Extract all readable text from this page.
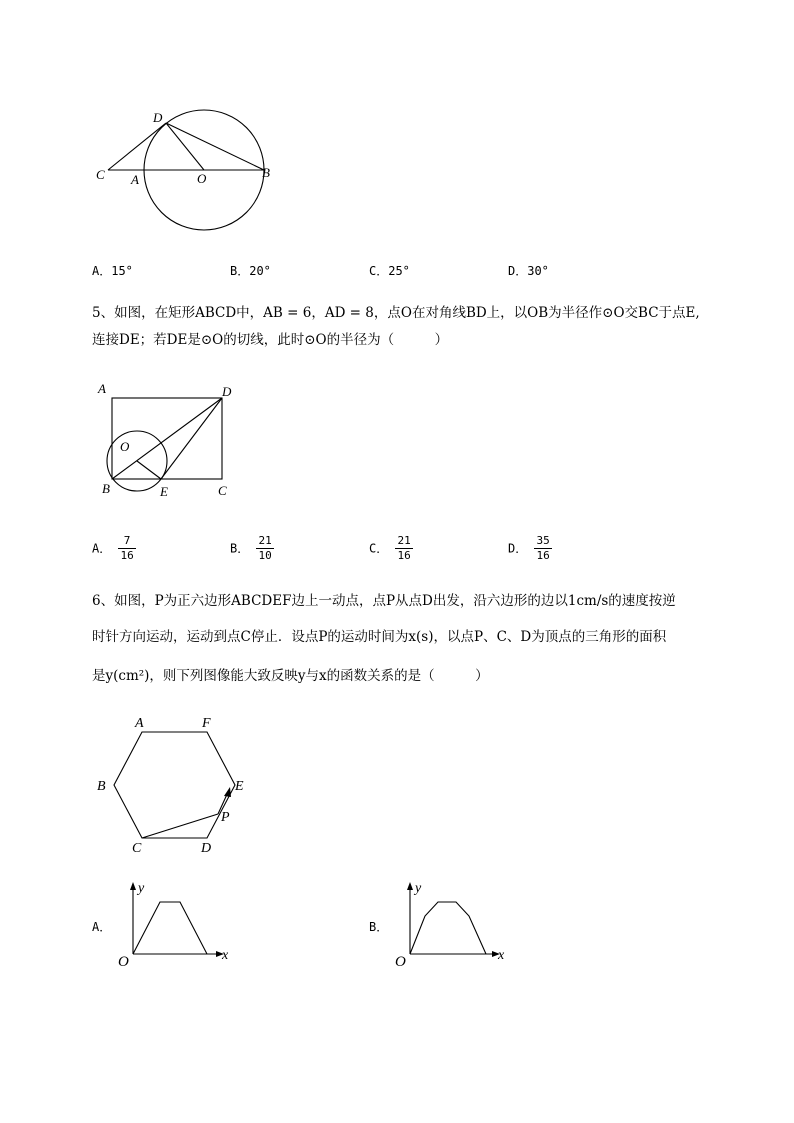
C A	O	B
D
A．15°	B．20°	C．25°	D．30°
5、如图，在矩形ABCD中，AB = 6，AD = 8，点O在对角线BD上，以OB为半径作⊙O交BC于点E,
连接DE；若DE是⊙O的切线，此时⊙O的半径为（　　　）
A	D
O
B	E	C
A． $\frac{7}{16}$	B． $\frac{21}{10}$	C． $\frac{21}{16}$	D． $\frac{35}{16}$
6、如图，P为正六边形ABCDEF边上一动点，点P从点D出发，沿六边形的边以1cm/s的速度按逆
时针方向运动，运动到点C停止．设点P的运动时间为x(s)，以点P、C、D为顶点的三角形的面积
是y(cm²)，则下列图像能大致反映y与x的函数关系的是（　　　）
A	F
B	E
P
C	D
A．
y
x
O
B．
y
x
O
